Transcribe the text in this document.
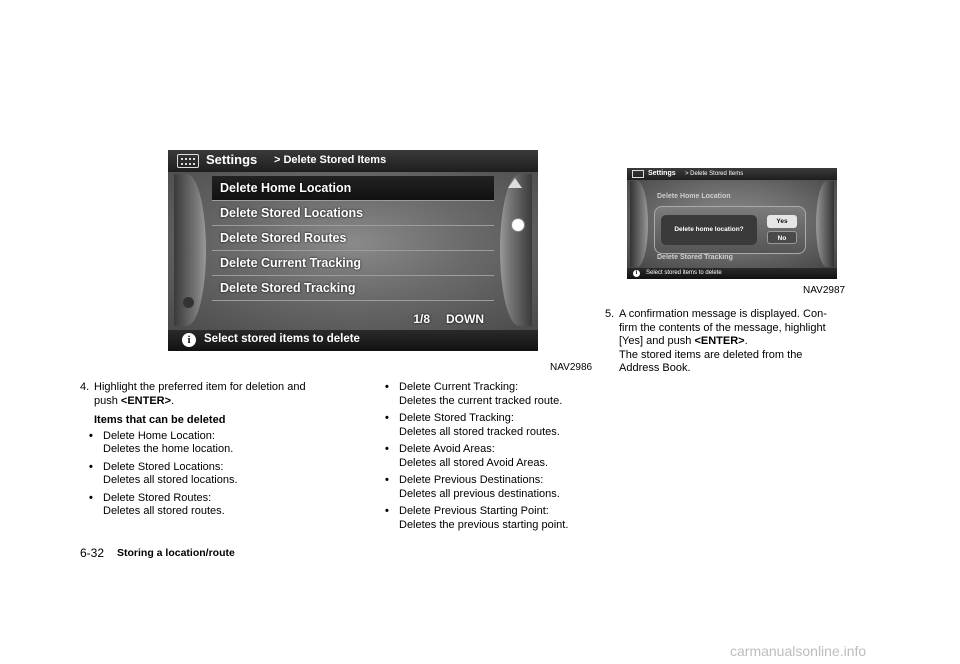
Settings > Delete Stored Items
Delete Home Location
Delete Stored Locations
Delete Stored Routes
Delete Current Tracking
Delete Stored Tracking
1/8 DOWN
i	Select stored items to delete
NAV2986
Settings > Delete Stored Items
Delete Home Location
Delete Stored Tracking
Delete home location?
Yes
No
i	Select stored items to delete
NAV2987
4. Highlight the preferred item for deletion and
push <ENTER>.
Items that can be deleted
• Delete Home Location:
Deletes the home location.
• Delete Stored Locations:
Deletes all stored locations.
• Delete Stored Routes:
Deletes all stored routes.
• Delete Current Tracking:
Deletes the current tracked route.
• Delete Stored Tracking:
Deletes all stored tracked routes.
• Delete Avoid Areas:
Deletes all stored Avoid Areas.
• Delete Previous Destinations:
Deletes all previous destinations.
• Delete Previous Starting Point:
Deletes the previous starting point.
5. A confirmation message is displayed. Con-
firm the contents of the message, highlight
[Yes] and push <ENTER>.
The stored items are deleted from the
Address Book.
6-32 Storing a location/route
carmanualsonline.info
